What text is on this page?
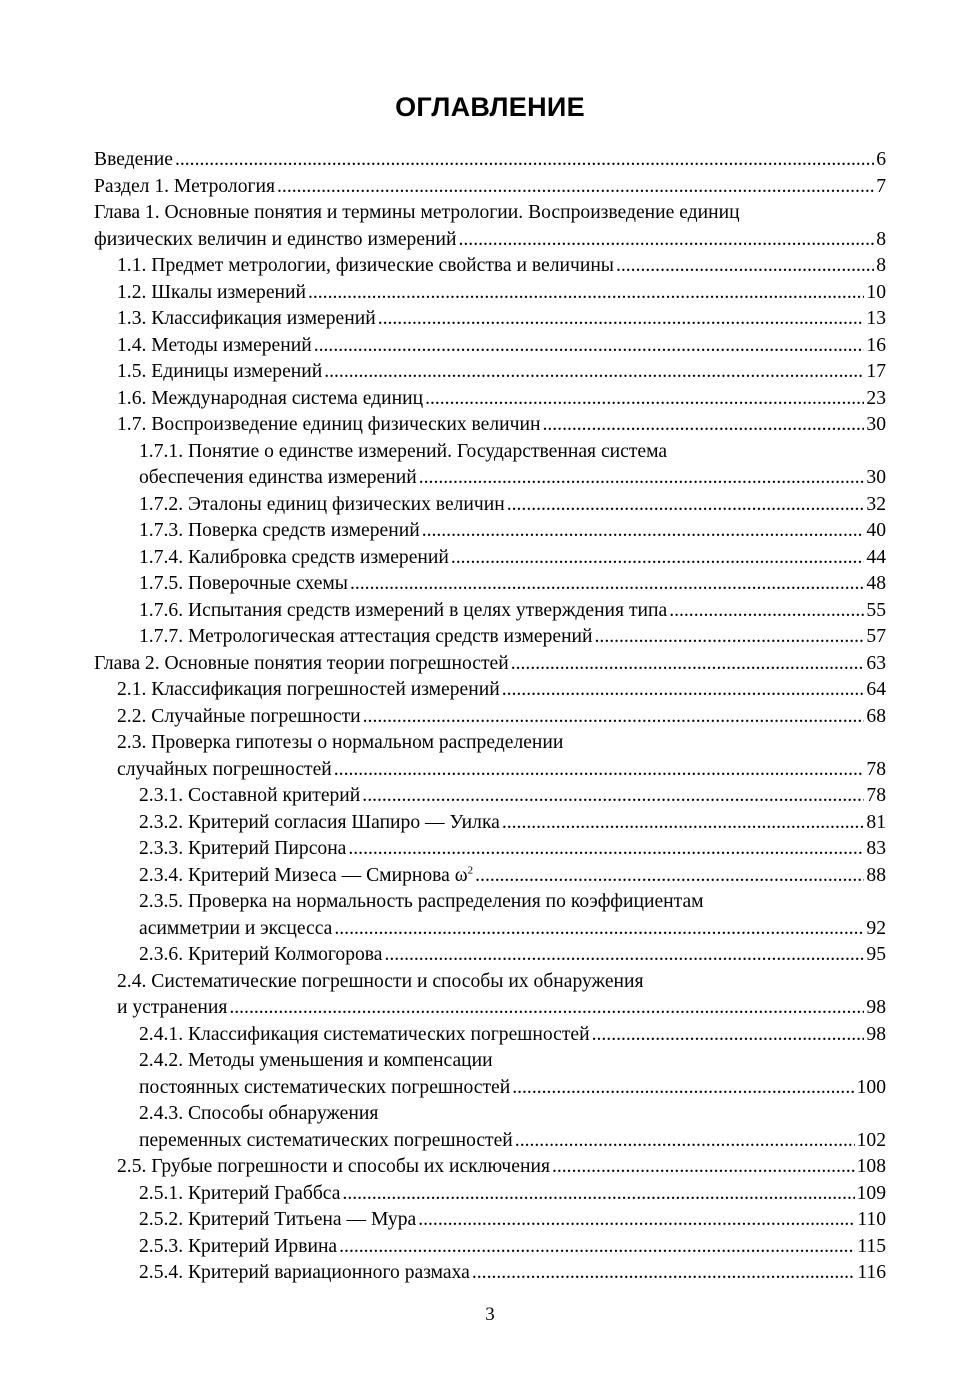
ОГЛАВЛЕНИЕ
Введение .....	6
Раздел 1. Метрология .....	7
Глава 1. Основные понятия и термины метрологии. Воспроизведение единиц
физических величин и единство измерений .....	8
1.1. Предмет метрологии, физические свойства и величины .....	8
1.2. Шкалы измерений .....	10
1.3. Классификация измерений .....	13
1.4. Методы измерений .....	16
1.5. Единицы измерений .....	17
1.6. Международная система единиц .....	23
1.7. Воспроизведение единиц физических величин .....	30
1.7.1. Понятие о единстве измерений. Государственная система
обеспечения единства измерений .....	30
1.7.2. Эталоны единиц физических величин .....	32
1.7.3. Поверка средств измерений .....	40
1.7.4. Калибровка средств измерений .....	44
1.7.5. Поверочные схемы .....	48
1.7.6. Испытания средств измерений в целях утверждения типа .....	55
1.7.7. Метрологическая аттестация средств измерений .....	57
Глава 2. Основные понятия теории погрешностей .....	63
2.1. Классификация погрешностей измерений .....	64
2.2. Случайные погрешности .....	68
2.3. Проверка гипотезы о нормальном распределении
случайных погрешностей .....	78
2.3.1. Составной критерий .....	78
2.3.2. Критерий согласия Шапиро — Уилка .....	81
2.3.3. Критерий Пирсона .....	83
2.3.4. Критерий Мизеса — Смирнова $\omega^2$ .....	88
2.3.5. Проверка на нормальность распределения по коэффициентам
асимметрии и эксцесса .....	92
2.3.6. Критерий Колмогорова .....	95
2.4. Систематические погрешности и способы их обнаружения
и устранения .....	98
2.4.1. Классификация систематических погрешностей .....	98
2.4.2. Методы уменьшения и компенсации
постоянных систематических погрешностей .....	100
2.4.3. Способы обнаружения
переменных систематических погрешностей .....	102
2.5. Грубые погрешности и способы их исключения .....	108
2.5.1. Критерий Граббса .....	109
2.5.2. Критерий Титьена — Мура .....	110
2.5.3. Критерий Ирвина .....	115
2.5.4. Критерий вариационного размаха .....	116
3
